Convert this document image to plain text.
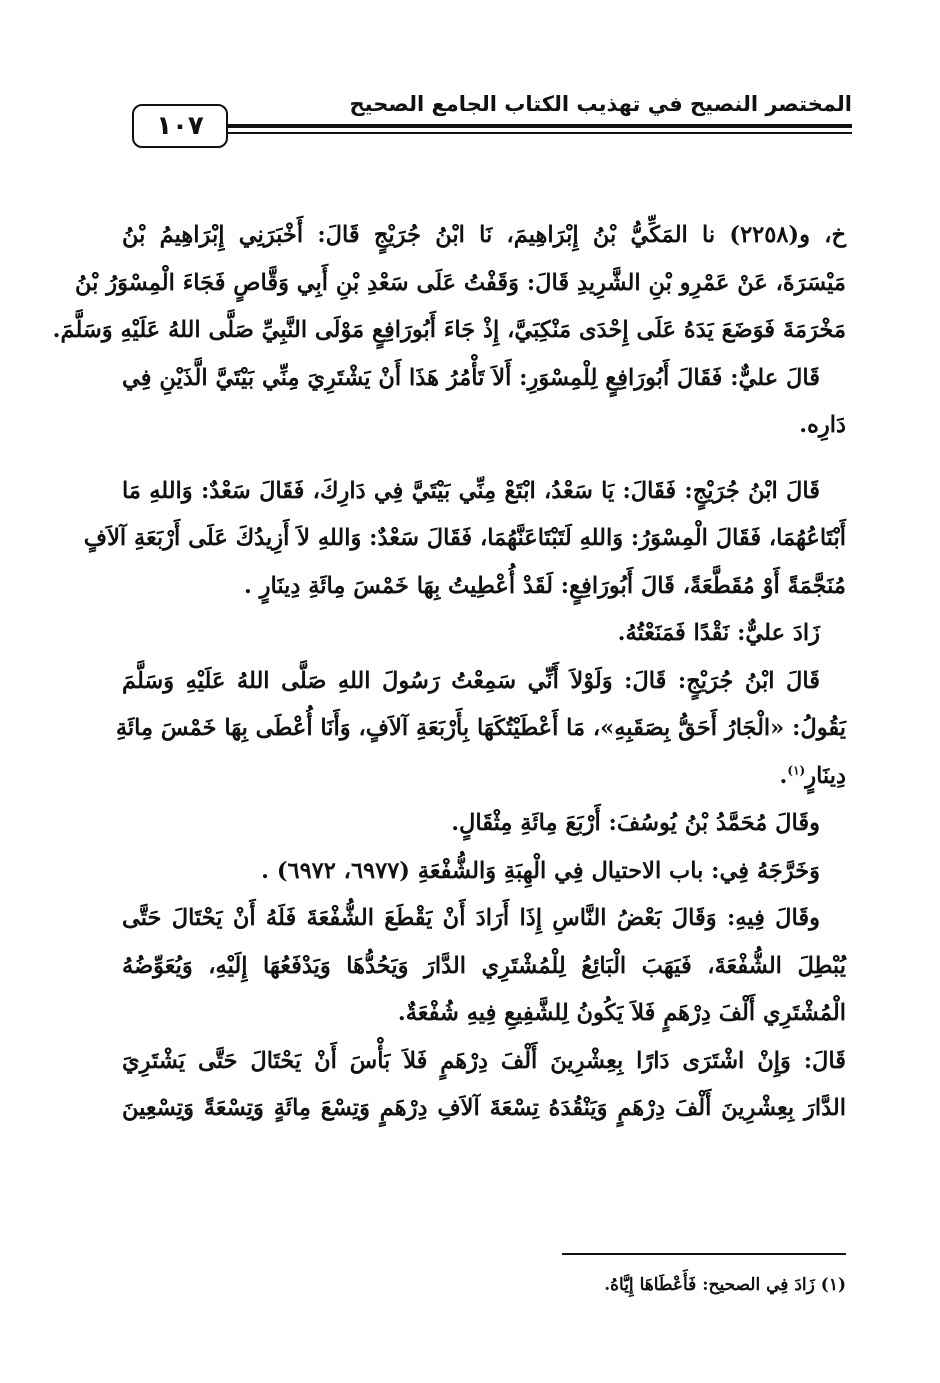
المختصر النصيح في تهذيب الكتاب الجامع الصحيح
١٠٧
خ، و(٢٢٥٨) نا المَكِّيُّ بْنُ إِبْرَاهِيمَ، نَا ابْنُ جُرَيْجٍ قَالَ: أَخْبَرَنِي إِبْرَاهِيمُ بْنُ
مَيْسَرَةَ، عَنْ عَمْرِو بْنِ الشَّرِيدِ قَالَ: وَقَفْتُ عَلَى سَعْدِ بْنِ أَبِي وَقَّاصٍ فَجَاءَ الْمِسْوَرُ بْنُ
مَخْرَمَةَ فَوَضَعَ يَدَهُ عَلَى إِحْدَى مَنْكِبَيَّ، إِذْ جَاءَ أَبُورَافِعٍ مَوْلَى النَّبِيِّ صَلَّى اللهُ عَلَيْهِ وَسَلَّمَ.
قَالَ عليٌّ: فَقَالَ أَبُورَافِعٍ لِلْمِسْوَرِ: أَلاَ تَأْمُرُ هَذَا أَنْ يَشْتَرِيَ مِنِّي بَيْتَيَّ الَّذَيْنِ فِي
دَارِه.
قَالَ ابْنُ جُرَيْجٍ: فَقَالَ: يَا سَعْدُ، ابْتَعْ مِنِّي بَيْتَيَّ فِي دَارِكَ، فَقَالَ سَعْدٌ: وَاللهِ مَا
أَبْتَاعُهُمَا، فَقَالَ الْمِسْوَرُ: وَاللهِ لَتَبْتَاعَنَّهُمَا، فَقَالَ سَعْدٌ: وَاللهِ لاَ أَزِيدُكَ عَلَى أَرْبَعَةِ آلاَفٍ
مُنَجَّمَةً أَوْ مُقَطَّعَةً، قَالَ أَبُورَافِعٍ: لَقَدْ أُعْطِيتُ بِهَا خَمْسَ مِائَةِ دِينَارٍ .
زَادَ عليٌّ: نَقْدًا فَمَنَعْتُهُ.
قَالَ ابْنُ جُرَيْجٍ: قَالَ: وَلَوْلاَ أَنِّي سَمِعْتُ رَسُولَ اللهِ صَلَّى اللهُ عَلَيْهِ وَسَلَّمَ
يَقُولُ: «الْجَارُ أَحَقُّ بِصَقَبِهِ»، مَا أَعْطَيْتُكَهَا بِأَرْبَعَةِ آلاَفٍ، وَأَنَا أُعْطَى بِهَا خَمْسَ مِائَةِ
دِينَارٍ$^{(١)}$.
وقَالَ مُحَمَّدُ بْنُ يُوسُفَ: أَرْبَعَ مِائَةِ مِثْقَالٍ.
وَخَرَّجَهُ فِي: باب الاحتيال فِي الْهِبَةِ وَالشُّفْعَةِ (٦٩٧٧، ٦٩٧٢) .
وقَالَ فِيهِ: وَقَالَ بَعْضُ النَّاسِ إِذَا أَرَادَ أَنْ يَقْطَعَ الشُّفْعَةَ فَلَهُ أَنْ يَحْتَالَ حَتَّى
يُبْطِلَ الشُّفْعَةَ، فَيَهَبَ الْبَائِعُ لِلْمُشْتَرِي الدَّارَ وَيَحُدُّهَا وَيَدْفَعُهَا إِلَيْهِ، وَيُعَوِّضُهُ
الْمُشْتَرِي أَلْفَ دِرْهَمٍ فَلاَ يَكُونُ لِلشَّفِيعِ فِيهِ شُفْعَةٌ.
قَالَ: وَإِنْ اشْتَرَى دَارًا بِعِشْرِينَ أَلْفَ دِرْهَمٍ فَلاَ بَأْسَ أَنْ يَحْتَالَ حَتَّى يَشْتَرِيَ
الدَّارَ بِعِشْرِينَ أَلْفَ دِرْهَمٍ وَيَنْقُدَهُ تِسْعَةَ آلاَفِ دِرْهَمٍ وَتِسْعَ مِائَةٍ وَتِسْعَةً وَتِسْعِينَ
(١) زَادَ فِي الصحيح: فَأَعْطَاهَا إِيَّاهُ.
